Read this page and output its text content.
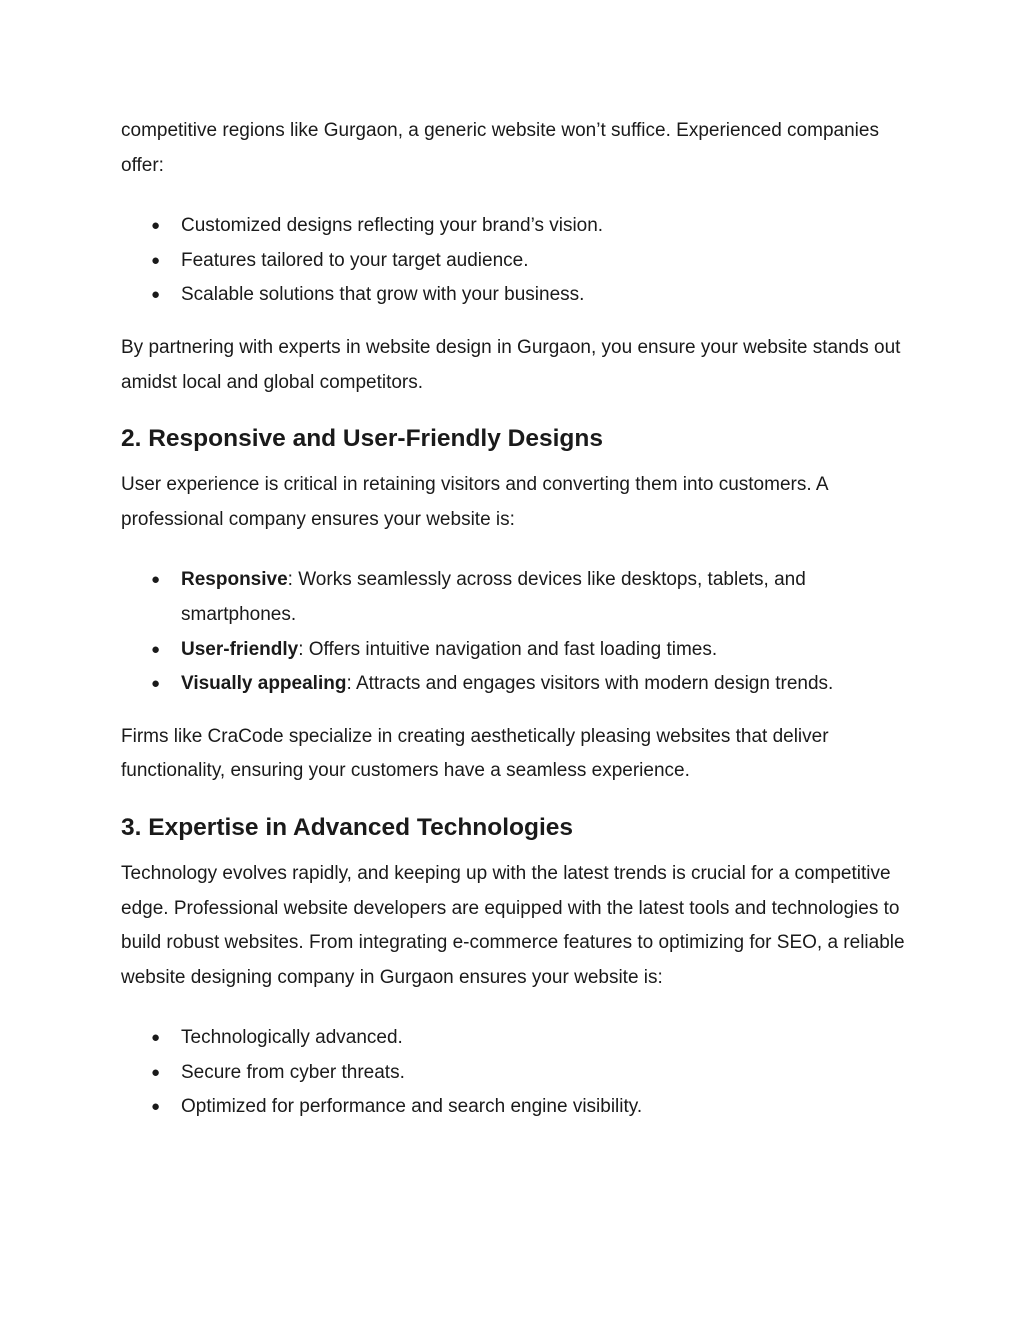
competitive regions like Gurgaon, a generic website won’t suffice. Experienced companies offer:

● Customized designs reflecting your brand’s vision.
● Features tailored to your target audience.
● Scalable solutions that grow with your business.

By partnering with experts in website design in Gurgaon, you ensure your website stands out amidst local and global competitors.

2. Responsive and User-Friendly Designs

User experience is critical in retaining visitors and converting them into customers. A professional company ensures your website is:

● Responsive: Works seamlessly across devices like desktops, tablets, and smartphones.
● User-friendly: Offers intuitive navigation and fast loading times.
● Visually appealing: Attracts and engages visitors with modern design trends.

Firms like CraCode specialize in creating aesthetically pleasing websites that deliver functionality, ensuring your customers have a seamless experience.

3. Expertise in Advanced Technologies

Technology evolves rapidly, and keeping up with the latest trends is crucial for a competitive edge. Professional website developers are equipped with the latest tools and technologies to build robust websites. From integrating e-commerce features to optimizing for SEO, a reliable website designing company in Gurgaon ensures your website is:

● Technologically advanced.
● Secure from cyber threats.
● Optimized for performance and search engine visibility.
